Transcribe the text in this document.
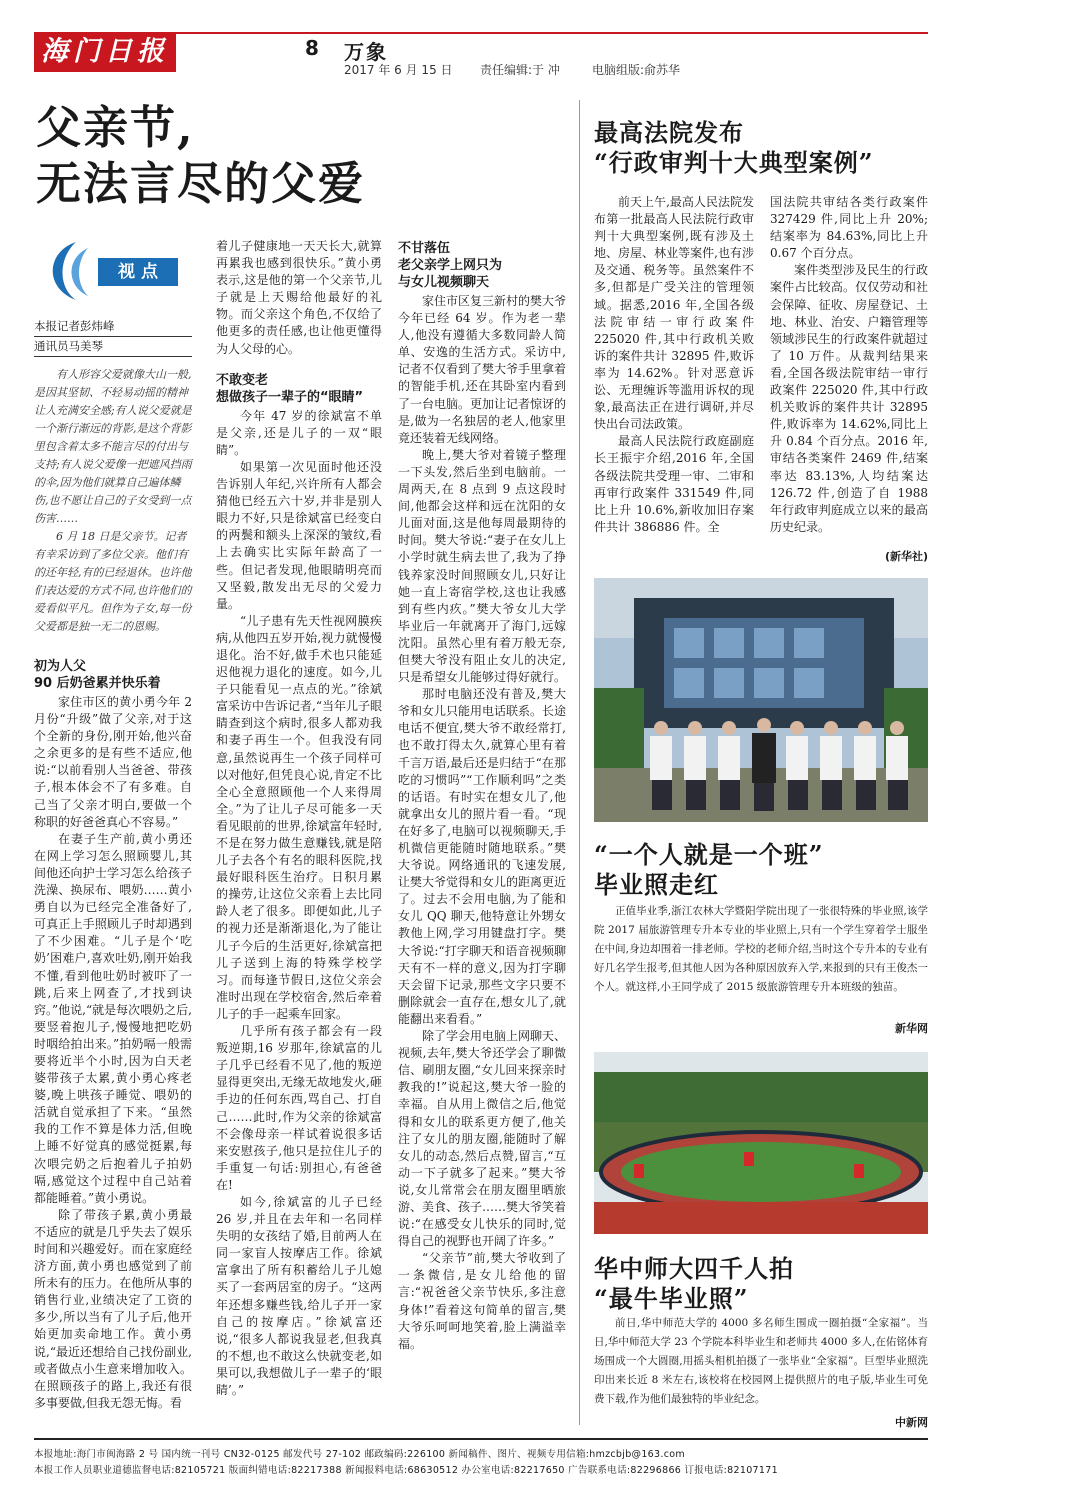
海门日报	8 万象
2017 年 6 月 15 日 责任编辑:于 冲	电脑组版:俞苏华
父亲节,
无法言尽的父爱
视 点
本报记者彭炜峰
通讯员马美琴
有人形容父爱就像大山一般,是因其坚韧、不轻易动摇的精神让人充满安全感;有人说父爱就是一个渐行渐远的背影,是这个背影里包含着太多不能言尽的付出与支持;有人说父爱像一把遮风挡雨的伞,因为他们就算自己遍体鳞伤,也不愿让自己的子女受到一点伤害……
6 月 18 日是父亲节。记者有幸采访到了多位父亲。他们有的还年轻,有的已经退休。也许他们表达爱的方式不同,也许他们的爱看似平凡。但作为子女,每一份父爱都是独一无二的恩赐。
初为人父
90 后奶爸累并快乐着

家住市区的黄小勇今年 2 月份“升级”做了父亲,对于这个全新的身份,刚开始,他兴奋之余更多的是有些不适应,他说:“以前看别人当爸爸、带孩子,根本体会不了有多难。自己当了父亲才明白,要做一个称职的好爸爸真心不容易。”

在妻子生产前,黄小勇还在网上学习怎么照顾婴儿,其间他还向护士学习怎么给孩子洗澡、换尿布、喂奶……黄小勇自以为已经完全准备好了,可真正上手照顾儿子时却遇到了不少困难。“儿子是个‘吃奶’困难户,喜欢吐奶,刚开始我不懂,看到他吐奶时被吓了一跳,后来上网查了,才找到诀窍。”他说,“就是每次喂奶之后,要竖着抱儿子,慢慢地把吃奶时咽给拍出来。”拍奶嗝一般需要将近半个小时,因为白天老婆带孩子太累,黄小勇心疼老婆,晚上哄孩子睡觉、喂奶的活就自觉承担了下来。“虽然我的工作不算是体力活,但晚上睡不好觉真的感觉挺累,每次喂完奶之后抱着儿子拍奶嗝,感觉这个过程中自己站着都能睡着。”黄小勇说。

除了带孩子累,黄小勇最不适应的就是几乎失去了娱乐时间和兴趣爱好。而在家庭经济方面,黄小勇也感觉到了前所未有的压力。在他所从事的销售行业,业绩决定了工资的多少,所以当有了儿子后,他开始更加卖命地工作。黄小勇说,“最近还想给自己找份副业,或者做点小生意来增加收入。在照顾孩子的路上,我还有很多事要做,但我无怨无悔。看

着儿子健康地一天天长大,就算再累我也感到很快乐。”黄小勇表示,这是他的第一个父亲节,儿子就是上天赐给他最好的礼物。而父亲这个角色,不仅给了他更多的责任感,也让他更懂得为人父母的心。

不敢变老
想做孩子一辈子的“眼睛”

今年 47 岁的徐斌富不单是父亲,还是儿子的一双“眼睛”。

如果第一次见面时他还没告诉别人年纪,兴许所有人都会猜他已经五六十岁,并非是别人眼力不好,只是徐斌富已经变白的两鬓和额头上深深的皱纹,看上去确实比实际年龄高了一些。但记者发现,他眼睛明亮而又坚毅,散发出无尽的父爱力量。

“儿子患有先天性视网膜疾病,从他四五岁开始,视力就慢慢退化。治不好,做手术也只能延迟他视力退化的速度。如今,儿子只能看见一点点的光。”徐斌富采访中告诉记者,“当年儿子眼睛查到这个病时,很多人都劝我和妻子再生一个。但我没有同意,虽然说再生一个孩子同样可以对他好,但凭良心说,肯定不比全心全意照顾他一个人来得周全。”为了让儿子尽可能多一天看见眼前的世界,徐斌富年轻时,不是在努力做生意赚钱,就是陪儿子去各个有名的眼科医院,找最好眼科医生治疗。日积月累的操劳,让这位父亲看上去比同龄人老了很多。即便如此,儿子的视力还是渐渐退化,为了能让儿子今后的生活更好,徐斌富把儿子送到上海的特殊学校学习。而每逢节假日,这位父亲会准时出现在学校宿舍,然后牵着儿子的手一起乘车回家。

几乎所有孩子都会有一段叛逆期,16 岁那年,徐斌富的儿子几乎已经看不见了,他的叛逆显得更突出,无缘无故地发火,砸手边的任何东西,骂自己、打自己……此时,作为父亲的徐斌富不会像母亲一样试着说很多话来安慰孩子,他只是拉住儿子的手重复一句话:别担心,有爸爸在!

如今,徐斌富的儿子已经 26 岁,并且在去年和一名同样失明的女孩结了婚,目前两人在同一家盲人按摩店工作。徐斌富拿出了所有积蓄给儿子儿媳买了一套两居室的房子。“这两年还想多赚些钱,给儿子开一家自己的按摩店。”徐斌富还说,“很多人都说我显老,但我真的不想,也不敢这么快就变老,如果可以,我想做儿子一辈子的‘眼睛’。”

不甘落伍
老父亲学上网只为
与女儿视频聊天

家住市区复三新村的樊大爷今年已经 64 岁。作为老一辈人,他没有遵循大多数同龄人简单、安逸的生活方式。采访中,记者不仅看到了樊大爷手里拿着的智能手机,还在其卧室内看到了一台电脑。更加让记者惊讶的是,做为一名独居的老人,他家里竟还装着无线网络。

晚上,樊大爷对着镜子整理一下头发,然后坐到电脑前。一周两天,在 8 点到 9 点这段时间,他都会这样和远在沈阳的女儿面对面,这是他每周最期待的时间。樊大爷说:“妻子在女儿上小学时就生病去世了,我为了挣钱养家没时间照顾女儿,只好让她一直上寄宿学校,这也让我感到有些内疚。”樊大爷女儿大学毕业后一年就离开了海门,远嫁沈阳。虽然心里有着万般无奈,但樊大爷没有阻止女儿的决定,只是希望女儿能够过得好就行。

那时电脑还没有普及,樊大爷和女儿只能用电话联系。长途电话不便宜,樊大爷不敢经常打,也不敢打得太久,就算心里有着千言万语,最后还是归结于“在那吃的习惯吗”“工作顺利吗”之类的话语。有时实在想女儿了,他就拿出女儿的照片看一看。“现在好多了,电脑可以视频聊天,手机微信更能随时随地联系。”樊大爷说。网络通讯的飞速发展,让樊大爷觉得和女儿的距离更近了。过去不会用电脑,为了能和女儿 QQ 聊天,他特意让外甥女教他上网,学习用键盘打字。樊大爷说:“打字聊天和语音视频聊天有不一样的意义,因为打字聊天会留下记录,那些文字只要不删除就会一直存在,想女儿了,就能翻出来看看。”

除了学会用电脑上网聊天、视频,去年,樊大爷还学会了聊微信、刷朋友圈,“女儿回来探亲时教我的!”说起这,樊大爷一脸的幸福。自从用上微信之后,他觉得和女儿的联系更方便了,他关注了女儿的朋友圈,能随时了解女儿的动态,然后点赞,留言,“互动一下子就多了起来。”樊大爷说,女儿常常会在朋友圈里晒旅游、美食、孩子……樊大爷笑着说:“在感受女儿快乐的同时,觉得自己的视野也开阔了许多。”

“父亲节”前,樊大爷收到了一条微信,是女儿给他的留言:“祝爸爸父亲节快乐,多注意身体!”看着这句简单的留言,樊大爷乐呵呵地笑着,脸上满溢幸福。

最高法院发布
“行政审判十大典型案例”

前天上午,最高人民法院发布第一批最高人民法院行政审判十大典型案例,既有涉及土地、房屋、林业等案件,也有涉及交通、税务等。虽然案件不多,但都是广受关注的管理领域。据悉,2016 年,全国各级法院审结一审行政案件 225020 件,其中行政机关败诉的案件共计 32895 件,败诉率为 14.62%。针对恶意诉讼、无理缠诉等滥用诉权的现象,最高法正在进行调研,并尽快出台司法政策。

最高人民法院行政庭副庭长王振宇介绍,2016 年,全国各级法院共受理一审、二审和再审行政案件 331549 件,同比上升 10.6%,新收加旧存案件共计 386886 件。全

国法院共审结各类行政案件 327429 件,同比上升 20%;结案率为 84.63%,同比上升 0.67 个百分点。

案件类型涉及民生的行政案件占比较高。仅仅劳动和社会保障、征收、房屋登记、土地、林业、治安、户籍管理等领域涉民生的行政案件就超过了 10 万件。从裁判结果来看,全国各级法院审结一审行政案件 225020 件,其中行政机关败诉的案件共计 32895 件,败诉率为 14.62%,同比上升 0.84 个百分点。2016 年,审结各类案件 2469 件,结案率达 83.13%,人均结案达 126.72 件,创造了自 1988 年行政审判庭成立以来的最高历史纪录。

(新华社)
“一个人就是一个班”
毕业照走红

正值毕业季,浙江农林大学暨阳学院出现了一张很特殊的毕业照,该学院 2017 届旅游管理专升本专业的毕业照上,只有一个学生穿着学士服坐在中间,身边却围着一排老师。学校的老师介绍,当时这个专升本的专业有好几名学生报考,但其他人因为各种原因放弃入学,来报到的只有王俊杰一个人。就这样,小王同学成了 2015 级旅游管理专升本班级的独苗。

新华网
华中师大四千人拍
“最牛毕业照”

前日,华中师范大学的 4000 多名师生围成一圈拍摄“全家福”。当日,华中师范大学 23 个学院本科毕业生和老师共 4000 多人,在佑铭体育场围成一个大圆圈,用摇头相机拍摄了一张毕业“全家福”。巨型毕业照洗印出来长近 8 米左右,该校将在校园网上提供照片的电子版,毕业生可免费下载,作为他们最独特的毕业纪念。

中新网
本报地址:海门市闽海路 2 号 国内统一刊号 CN32-0125 邮发代号 27-102 邮政编码:226100 新闻稿件、图片、视频专用信箱:hmzcbjb@163.com
本报工作人员职业道德监督电话:82105721 版面纠错电话:82217388 新闻报料电话:68630512 办公室电话:82217650 广告联系电话:82296866 订报电话:82107171
